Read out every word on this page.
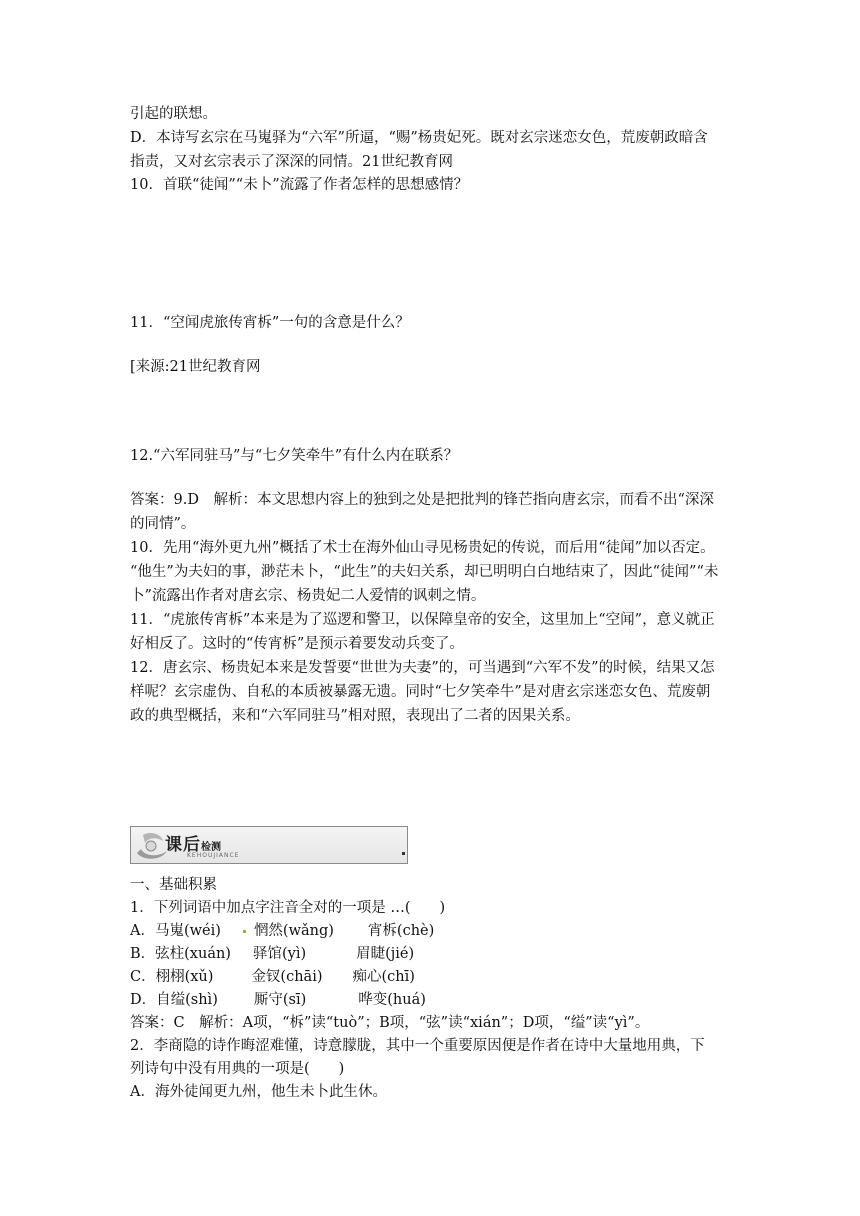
引起的联想。
D．本诗写玄宗在马嵬驿为“六军”所逼，“赐”杨贵妃死。既对玄宗迷恋女色，荒废朝政暗含
指责，又对玄宗表示了深深的同情。21世纪教育网
10．首联“徒闻”“未卜”流露了作者怎样的思想感情？
11．“空闻虎旅传宵柝”一句的含意是什么？
[来源:21世纪教育网
12.“六军同驻马”与“七夕笑牵牛”有什么内在联系？
答案：9.D　解析：本文思想内容上的独到之处是把批判的锋芒指向唐玄宗，而看不出“深深
的同情”。
10．先用“海外更九州”概括了术士在海外仙山寻见杨贵妃的传说，而后用“徒闻”加以否定。
“他生”为夫妇的事，渺茫未卜，“此生”的夫妇关系，却已明明白白地结束了，因此“徒闻”“未
卜”流露出作者对唐玄宗、杨贵妃二人爱情的讽刺之情。
11．“虎旅传宵柝”本来是为了巡逻和警卫，以保障皇帝的安全，这里加上“空闻”，意义就正
好相反了。这时的“传宵柝”是预示着要发动兵变了。
12．唐玄宗、杨贵妃本来是发誓要“世世为夫妻”的，可当遇到“六军不发”的时候，结果又怎
样呢？玄宗虚伪、自私的本质被暴露无遗。同时“七夕笑牵牛”是对唐玄宗迷恋女色、荒废朝
政的典型概括，来和“六军同驻马”相对照，表现出了二者的因果关系。
课后检测
KEHOUJIANCE
一、基础积累
1．下列词语中加点字注音全对的一项是 …(　　)
A．马嵬(wéi) 惘然(wǎng) 宵柝(chè)
B．弦柱(xuán) 驿馆(yì)	眉睫(jié)
C．栩栩(xǔ)	金钗(chāi) 痴心(chī)
D．自缢(shì) 厮守(sī)	哗变(huá)
答案：C　解析：A项，“柝”读“tuò”；B项，“弦”读“xián”；D项，“缢”读“yì”。
2．李商隐的诗作晦涩难懂，诗意朦胧，其中一个重要原因便是作者在诗中大量地用典，下
列诗句中没有用典的一项是(　　)
A．海外徒闻更九州，他生未卜此生休。
